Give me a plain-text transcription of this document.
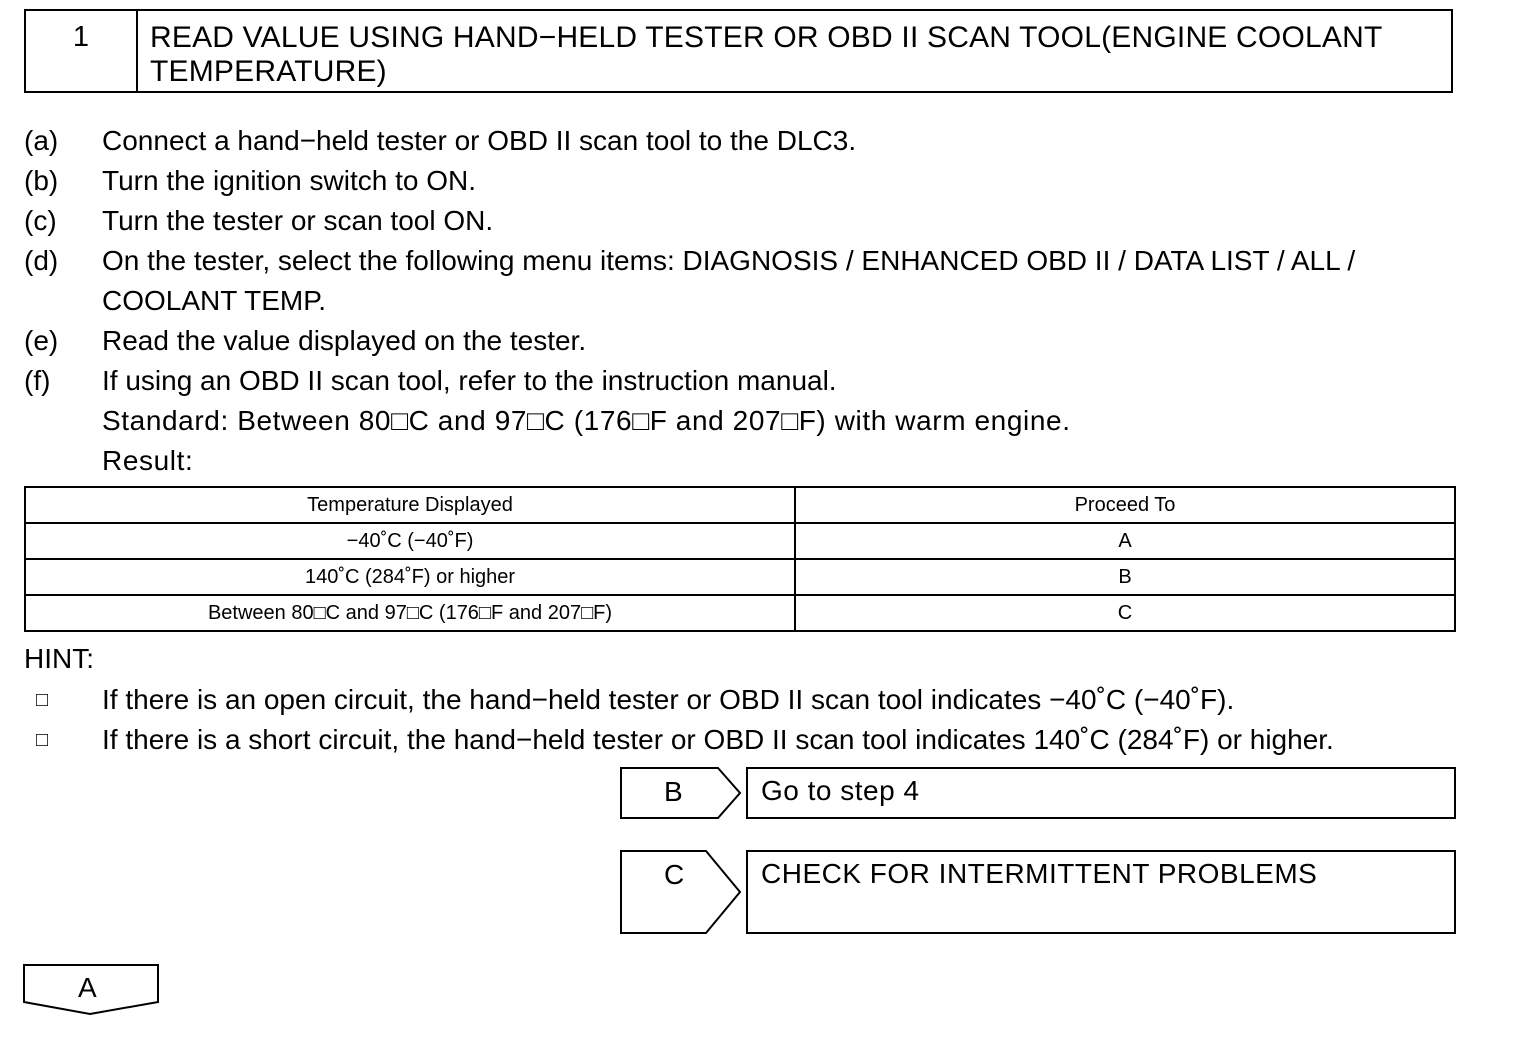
1	READ VALUE USING HAND−HELD TESTER OR OBD II SCAN TOOL(ENGINE COOLANT TEMPERATURE)
(a)	Connect a hand−held tester or OBD II scan tool to the DLC3.
(b)	Turn the ignition switch to ON.
(c)	Turn the tester or scan tool ON.
(d)	On the tester, select the following menu items: DIAGNOSIS / ENHANCED OBD II / DATA LIST / ALL / COOLANT TEMP.
(e)	Read the value displayed on the tester.
(f)	If using an OBD II scan tool, refer to the instruction manual.
Standard: Between 80□C and 97□C (176□F and 207□F) with warm engine.
Result:
Temperature Displayed	Proceed To
−40˚C (−40˚F)	A
140˚C (284˚F) or higher	B
Between 80□C and 97□C (176□F and 207□F)	C
HINT:
□	If there is an open circuit, the hand−held tester or OBD II scan tool indicates −40˚C (−40˚F).
□	If there is a short circuit, the hand−held tester or OBD II scan tool indicates 140˚C (284˚F) or higher.
B	Go to step 4
C	CHECK FOR INTERMITTENT PROBLEMS
A
